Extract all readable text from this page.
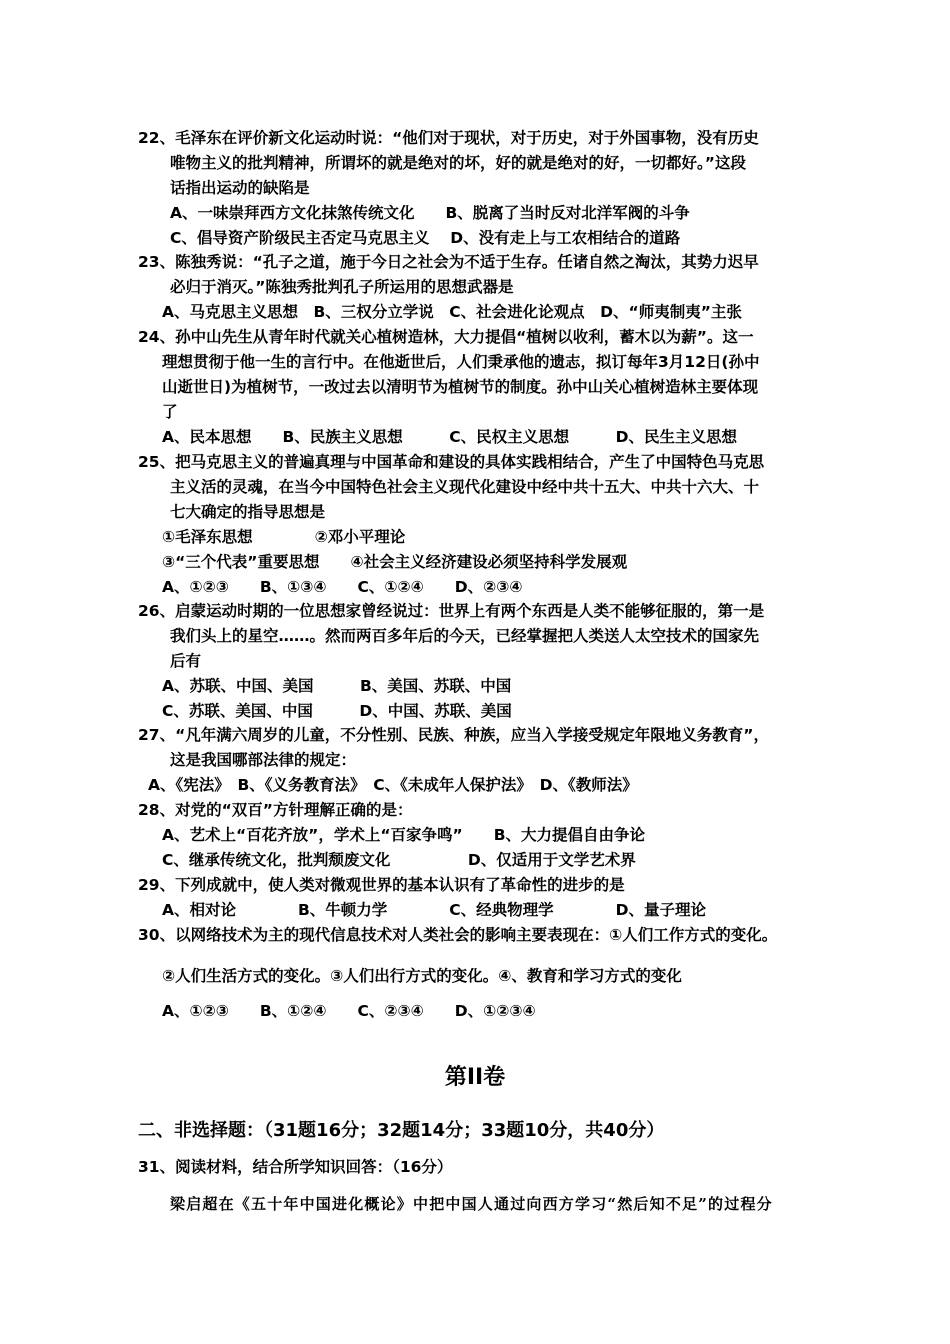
22、毛泽东在评价新文化运动时说：“他们对于现状，对于历史，对于外国事物，没有历史
唯物主义的批判精神，所谓坏的就是绝对的坏，好的就是绝对的好，一切都好。”这段
话指出运动的缺陷是
A、一味崇拜西方文化抹煞传统文化　　B、脱离了当时反对北洋军阀的斗争
C、倡导资产阶级民主否定马克思主义　 D、没有走上与工农相结合的道路
23、陈独秀说：“孔子之道，施于今日之社会为不适于生存。任诸自然之淘汰，其势力迟早
必归于消灭。”陈独秀批判孔子所运用的思想武器是
A、马克思主义思想　B、三权分立学说　C、社会进化论观点　D、“师夷制夷”主张
24、孙中山先生从青年时代就关心植树造林，大力提倡“植树以收利，蓄木以为薪”。这一
理想贯彻于他一生的言行中。在他逝世后，人们秉承他的遗志，拟订每年3月12日(孙中
山逝世日)为植树节，一改过去以清明节为植树节的制度。孙中山关心植树造林主要体现
了
A、民本思想　　B、民族主义思想　　　C、民权主义思想　　　D、民生主义思想
25、把马克思主义的普遍真理与中国革命和建设的具体实践相结合，产生了中国特色马克思
主义活的灵魂，在当今中国特色社会主义现代化建设中经中共十五大、中共十六大、十
七大确定的指导思想是
①毛泽东思想　　　　②邓小平理论
③“三个代表”重要思想　　④社会主义经济建设必须坚持科学发展观
A、①②③　　B、①③④　　C、①②④　　D、②③④
26、启蒙运动时期的一位思想家曾经说过：世界上有两个东西是人类不能够征服的，第一是
我们头上的星空……。然而两百多年后的今天，已经掌握把人类送人太空技术的国家先
后有
A、苏联、中国、美国　　　B、美国、苏联、中国
C、苏联、美国、中国　　　D、中国、苏联、美国
27、“凡年满六周岁的儿童，不分性别、民族、种族，应当入学接受规定年限地义务教育”，
这是我国哪部法律的规定：
A、《宪法》　B、《义务教育法》　C、《未成年人保护法》　D、《教师法》
28、对党的“双百”方针理解正确的是：
A、艺术上“百花齐放”，学术上“百家争鸣”　　B、大力提倡自由争论
C、继承传统文化，批判颓废文化　　　　　D、仅适用于文学艺术界
29、下列成就中，使人类对微观世界的基本认识有了革命性的进步的是
A、相对论　　　　B、牛顿力学　　　　C、经典物理学　　　　D、量子理论
30、以网络技术为主的现代信息技术对人类社会的影响主要表现在：①人们工作方式的变化。
②人们生活方式的变化。③人们出行方式的变化。④、教育和学习方式的变化
A、①②③　　B、①②④　　C、②③④　　D、①②③④
第II卷
二、非选择题：（31题16分；32题14分；33题10分，共40分）
31、阅读材料，结合所学知识回答：（16分）
梁启超在《五十年中国进化概论》中把中国人通过向西方学习“然后知不足”的过程分
